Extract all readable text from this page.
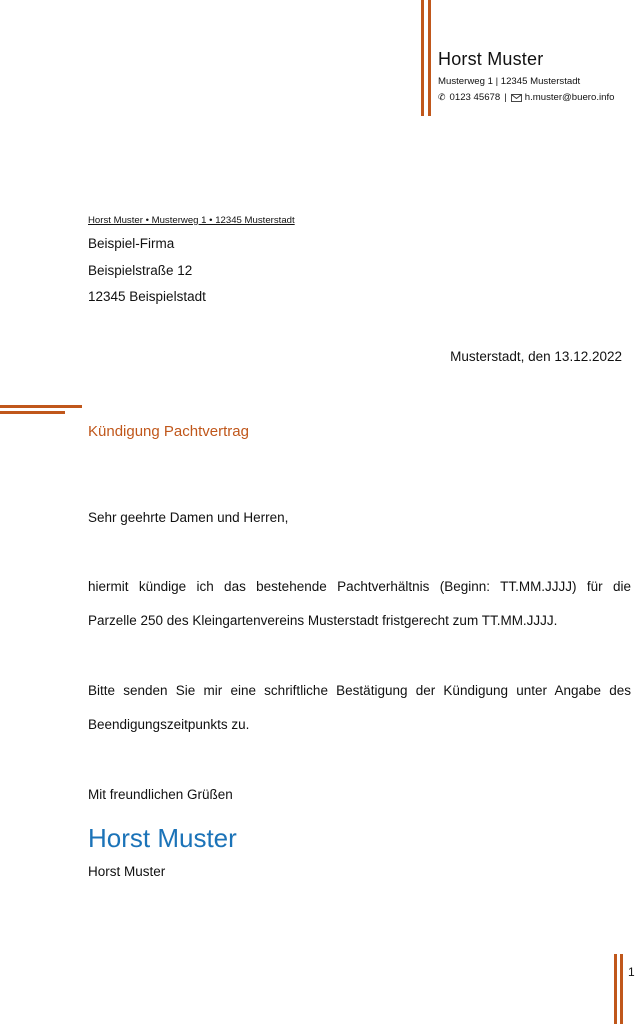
Horst Muster
Musterweg 1 | 12345 Musterstadt
✆ 0123 45678 | h.muster@buero.info
Horst Muster • Musterweg 1 • 12345 Musterstadt
Beispiel-Firma
Beispielstraße 12
12345 Beispielstadt
Musterstadt, den 13.12.2022
Kündigung Pachtvertrag
Sehr geehrte Damen und Herren,
hiermit kündige ich das bestehende Pachtverhältnis (Beginn: TT.MM.JJJJ) für die
Parzelle 250 des Kleingartenvereins Musterstadt fristgerecht zum TT.MM.JJJJ.
Bitte senden Sie mir eine schriftliche Bestätigung der Kündigung unter Angabe des
Beendigungszeitpunkts zu.
Mit freundlichen Grüßen
Horst Muster
Horst Muster
1
